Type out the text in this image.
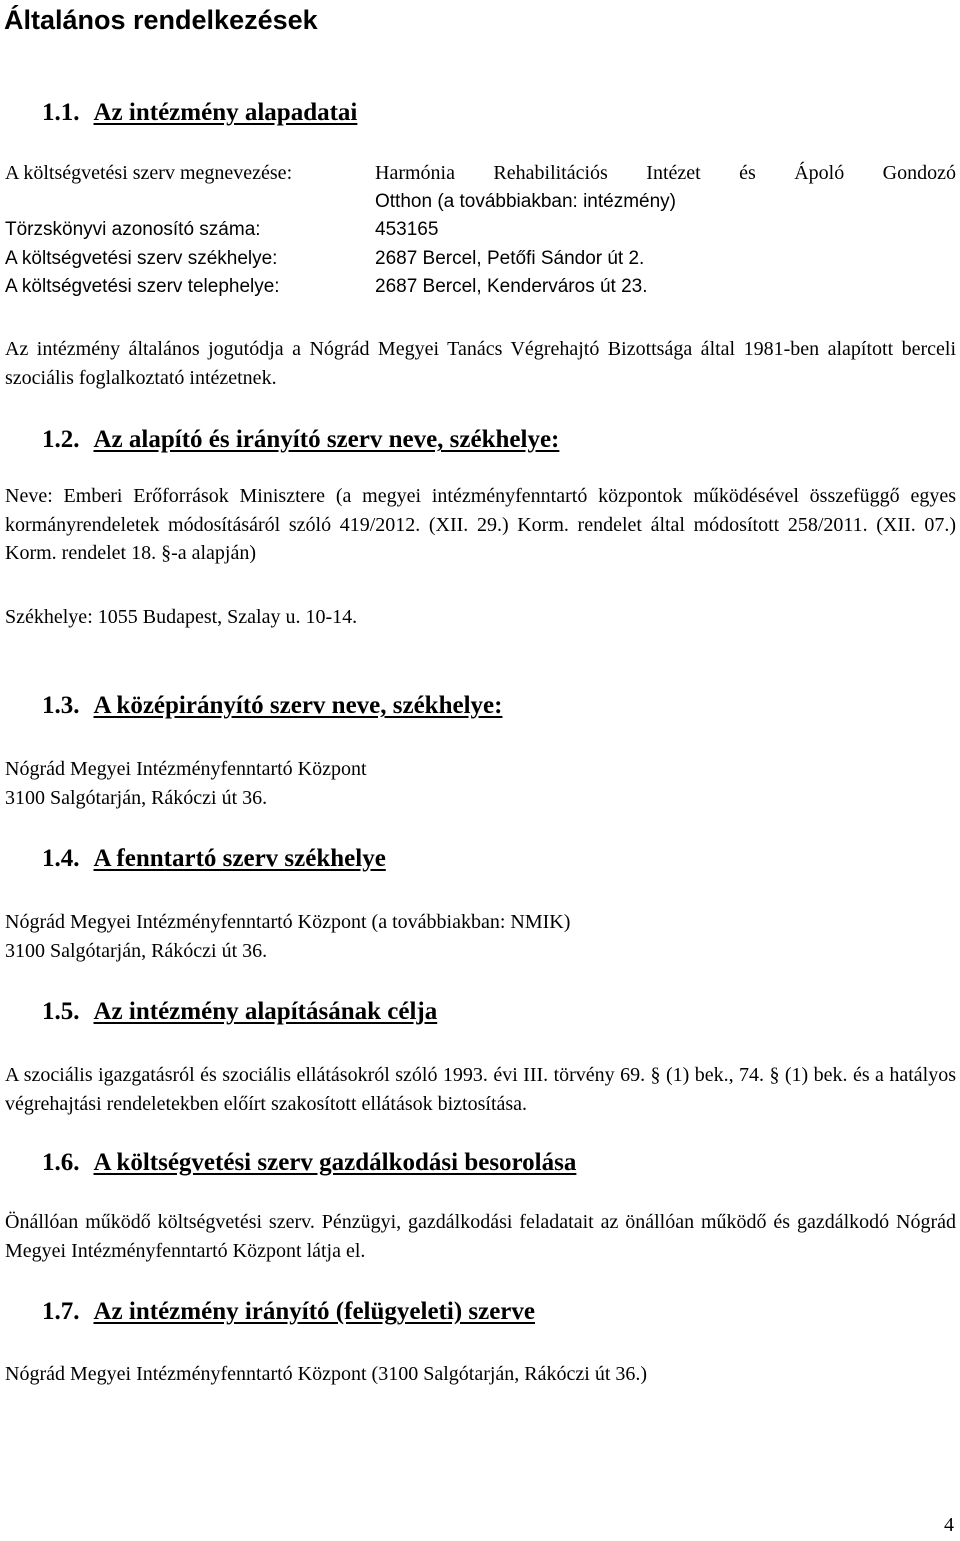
Általános rendelkezések
1.1. Az intézmény alapadatai
A költségvetési szerv megnevezése:	Harmónia Rehabilitációs Intézet és Ápoló Gondozó
Otthon (a továbbiakban: intézmény)
Törzskönyvi azonosító száma:	453165
A költségvetési szerv székhelye:	2687 Bercel, Petőfi Sándor út 2.
A költségvetési szerv telephelye:	2687 Bercel, Kenderváros út 23.

Az intézmény általános jogutódja a Nógrád Megyei Tanács Végrehajtó Bizottsága által 1981-ben alapított berceli szociális foglalkoztató intézetnek.

1.2. Az alapító és irányító szerv neve, székhelye:

Neve: Emberi Erőforrások Minisztere (a megyei intézményfenntartó központok működésével összefüggő egyes kormányrendeletek módosításáról szóló 419/2012. (XII. 29.) Korm. rendelet által módosított 258/2011. (XII. 07.) Korm. rendelet 18. §-a alapján)

Székhelye: 1055 Budapest, Szalay u. 10-14.

1.3. A középirányító szerv neve, székhelye:
Nógrád Megyei Intézményfenntartó Központ
3100 Salgótarján, Rákóczi út 36.
1.4. A fenntartó szerv székhelye
Nógrád Megyei Intézményfenntartó Központ (a továbbiakban: NMIK)
3100 Salgótarján, Rákóczi út 36.
1.5. Az intézmény alapításának célja

A szociális igazgatásról és szociális ellátásokról szóló 1993. évi III. törvény 69. § (1) bek., 74. § (1) bek. és a hatályos végrehajtási rendeletekben előírt szakosított ellátások biztosítása.

1.6. A költségvetési szerv gazdálkodási besorolása

Önállóan működő költségvetési szerv. Pénzügyi, gazdálkodási feladatait az önállóan működő és gazdálkodó Nógrád Megyei Intézményfenntartó Központ látja el.

1.7. Az intézmény irányító (felügyeleti) szerve

Nógrád Megyei Intézményfenntartó Központ (3100 Salgótarján, Rákóczi út 36.)

4
